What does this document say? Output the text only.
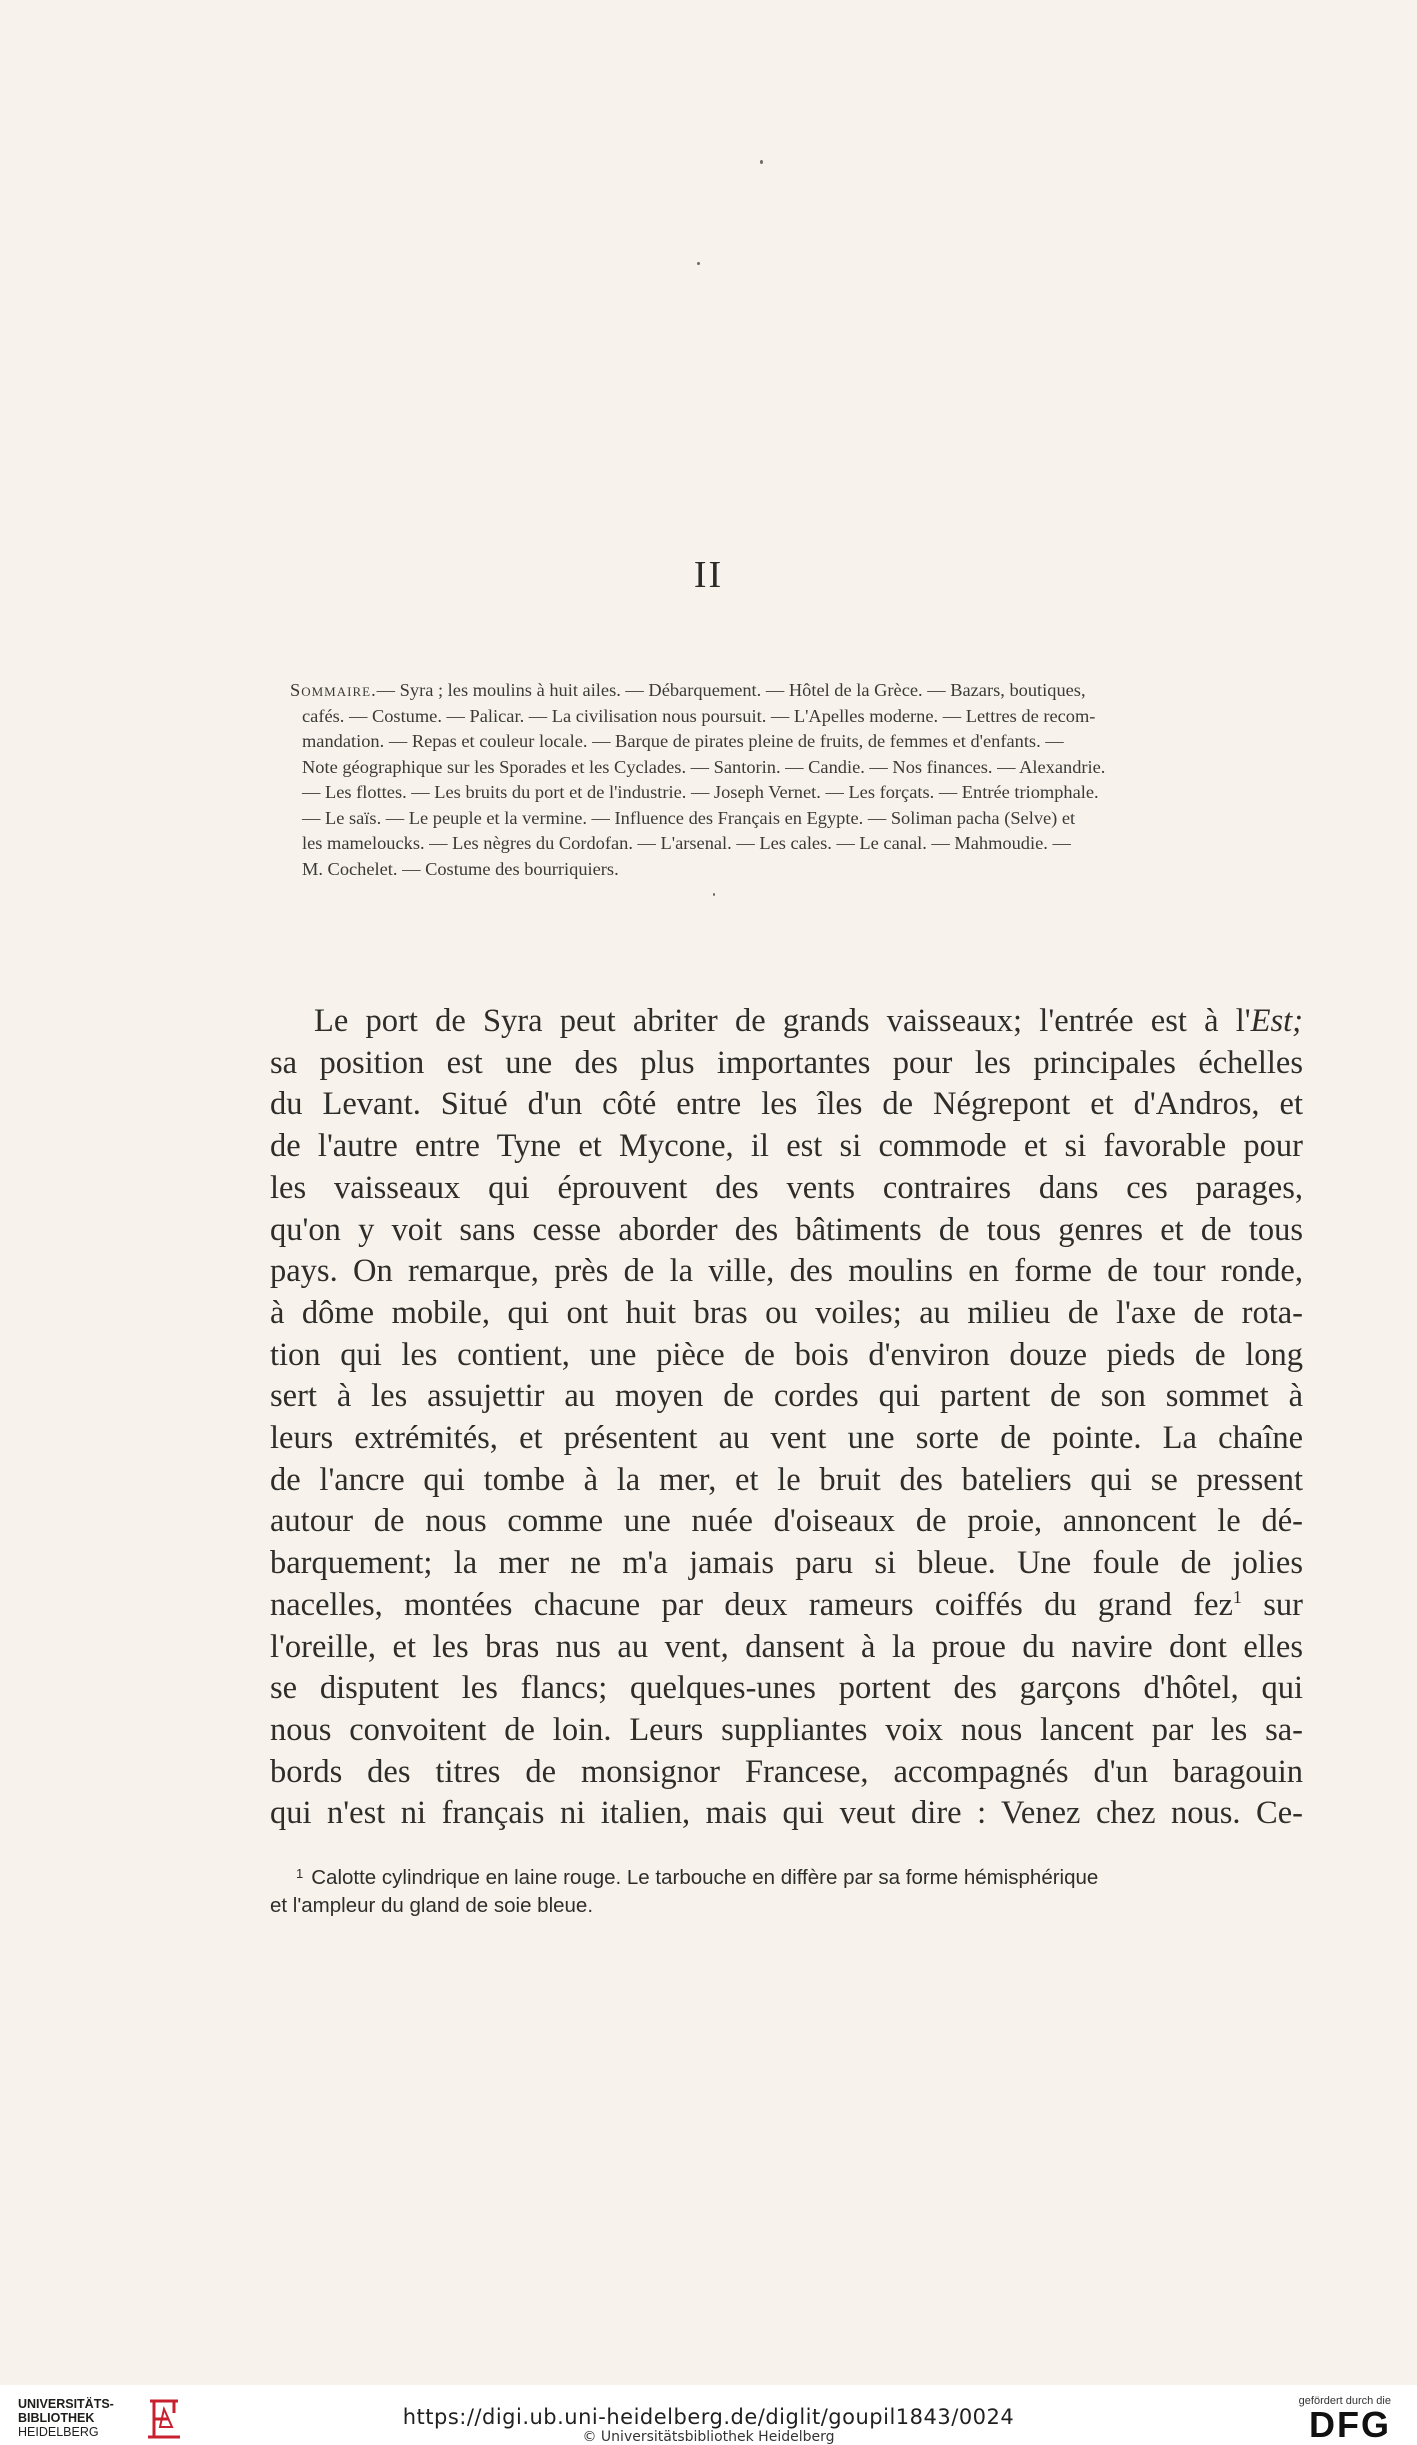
II

Sommaire.— Syra ; les moulins à huit ailes. — Débarquement. — Hôtel de la Grèce. — Bazars, boutiques,

cafés. — Costume. — Palicar. — La civilisation nous poursuit. — L'Apelles moderne. — Lettres de recom-

mandation. — Repas et couleur locale. — Barque de pirates pleine de fruits, de femmes et d'enfants. —

Note géographique sur les Sporades et les Cyclades. — Santorin. — Candie. — Nos finances. — Alexandrie.

— Les flottes. — Les bruits du port et de l'industrie. — Joseph Vernet. — Les forçats. — Entrée triomphale.

— Le saïs. — Le peuple et la vermine. — Influence des Français en Egypte. — Soliman pacha (Selve) et

les mameloucks. — Les nègres du Cordofan. — L'arsenal. — Les cales. — Le canal. — Mahmoudie. —

M. Cochelet. — Costume des bourriquiers.

Le port de Syra peut abriter de grands vaisseaux; l'entrée est à l'Est;
sa position est une des plus importantes pour les principales échelles
du Levant. Situé d'un côté entre les îles de Négrepont et d'Andros, et
de l'autre entre Tyne et Mycone, il est si commode et si favorable pour
les vaisseaux qui éprouvent des vents contraires dans ces parages,
qu'on y voit sans cesse aborder des bâtiments de tous genres et de tous
pays. On remarque, près de la ville, des moulins en forme de tour ronde,
à dôme mobile, qui ont huit bras ou voiles; au milieu de l'axe de rota-
tion qui les contient, une pièce de bois d'environ douze pieds de long
sert à les assujettir au moyen de cordes qui partent de son sommet à
leurs extrémités, et présentent au vent une sorte de pointe. La chaîne
de l'ancre qui tombe à la mer, et le bruit des bateliers qui se pressent
autour de nous comme une nuée d'oiseaux de proie, annoncent le dé-
barquement; la mer ne m'a jamais paru si bleue. Une foule de jolies
nacelles, montées chacune par deux rameurs coiffés du grand fez$^1$ sur
l'oreille, et les bras nus au vent, dansent à la proue du navire dont elles
se disputent les flancs; quelques-unes portent des garçons d'hôtel, qui
nous convoitent de loin. Leurs suppliantes voix nous lancent par les sa-
bords des titres de monsignor Francese, accompagnés d'un baragouin
qui n'est ni français ni italien, mais qui veut dire : Venez chez nous. Ce-
$^1$ Calotte cylindrique en laine rouge. Le tarbouche en diffère par sa forme hémisphérique
et l'ampleur du gland de soie bleue.
UNIVERSITÄTS-
BIBLIOTHEK
HEIDELBERG
https://digi.ub.uni-heidelberg.de/diglit/goupil1843/0024
© Universitätsbibliothek Heidelberg
gefördert durch die
DFG
